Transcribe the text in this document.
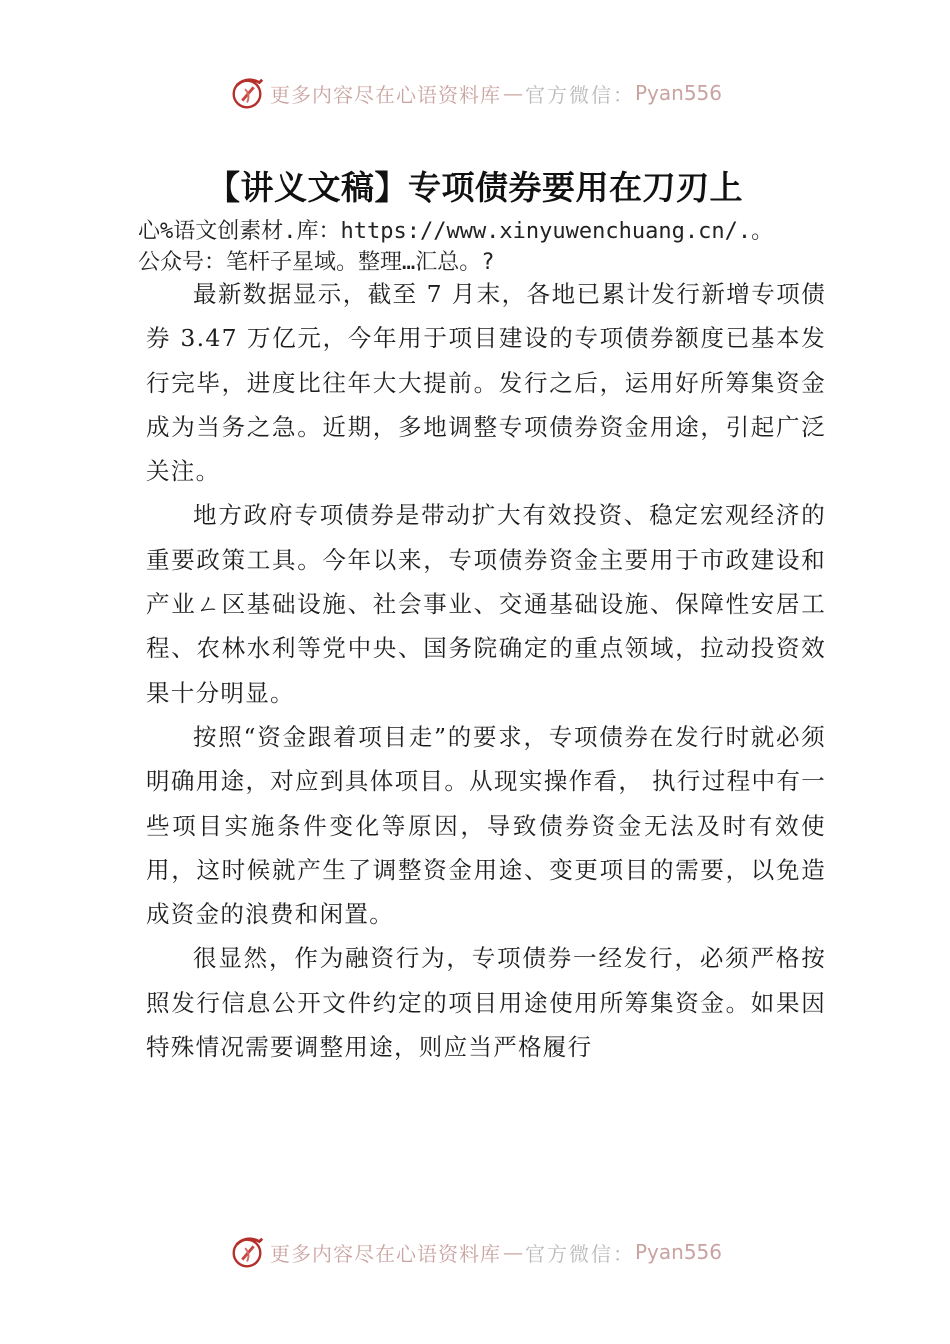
更多内容尽在心语资料库 — 官方微信： Pyan556
【讲义文稿】专项债券要用在刀刃上
心%语文创素材.库：https://www.xinyuwenchuang.cn/.。
公众号：笔杆子星域。整理…汇总。?

最新数据显示，截至 7 月末，各地已累计发行新增专项债券 3.47 万亿元，今年用于项目建设的专项债券额度已基本发行完毕，进度比往年大大提前。发行之后，运用好所筹集资金成为当务之急。近期，多地调整专项债券资金用途，引起广泛关注。

地方政府专项债券是带动扩大有效投资、稳定宏观经济的重要政策工具。今年以来，专项债券资金主要用于市政建设和产业ㄥ区基础设施、社会事业、交通基础设施、保障性安居工程、农林水利等党中央、国务院确定的重点领域，拉动投资效果十分明显。

按照“资金跟着项目走”的要求，专项债券在发行时就必须明确用途，对应到具体项目。从现实操作看， 执行过程中有一些项目实施条件变化等原因，导致债券资金无法及时有效使用，这时候就产生了调整资金用途、变更项目的需要，以免造成资金的浪费和闲置。

很显然，作为融资行为，专项债券一经发行，必须严格按照发行信息公开文件约定的项目用途使用所筹集资金。如果因特殊情况需要调整用途，则应当严格履行

更多内容尽在心语资料库 — 官方微信： Pyan556
